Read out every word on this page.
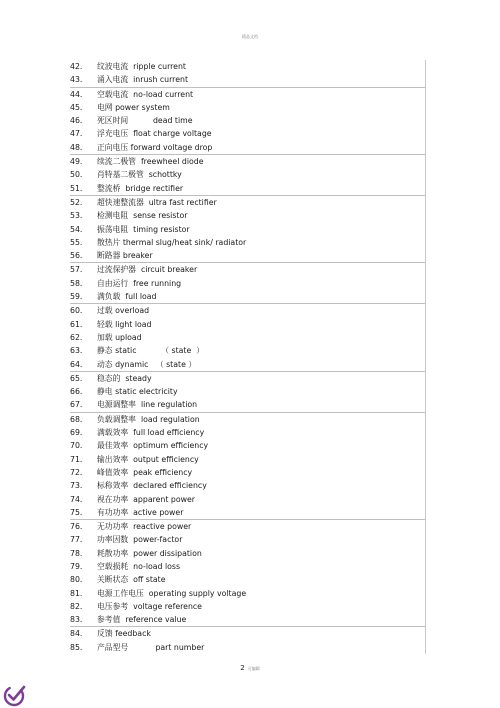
精品文档
42.	纹波电流  ripple current
43.	涌入电流  inrush current
44.	空载电流  no-load current
45.	电网 power system
46.	死区时间          dead time
47.	浮充电压  float charge voltage
48.	正向电压 forward voltage drop
49.	续流二极管  freewheel diode
50.	肖特基二极管  schottky
51.	整流桥  bridge rectifier
52.	超快速整流器  ultra fast rectifier
53.	检测电阻  sense resistor
54.	振荡电阻  timing resistor
55.	散热片 thermal slug/heat sink/ radiator
56.	断路器 breaker
57.	过流保护器  circuit breaker
58.	自由运行  free running
59.	满负载  full load
60.	过载 overload
61.	轻载 light load
62.	加载 upload
63.	静态 static          （ state  ）
64.	动态 dynamic   （ state ）
65.	稳态的  steady
66.	静电 static electricity
67.	电源调整率  line regulation
68.	负载调整率  load regulation
69.	满载效率  full load efficiency
70.	最佳效率  optimum efficiency
71.	输出效率  output efficiency
72.	峰值效率  peak efficiency
73.	标称效率  declared efficiency
74.	视在功率  apparent power
75.	有功功率  active power
76.	无功功率  reactive power
77.	功率因数  power-factor
78.	耗散功率  power dissipation
79.	空载损耗  no-load loss
80.	关断状态  off state
81.	电源工作电压  operating supply voltage
82.	电压参考  voltage reference
83.	参考值  reference value
84.	反馈 feedback
85.	产品型号           part number
2 可编辑
